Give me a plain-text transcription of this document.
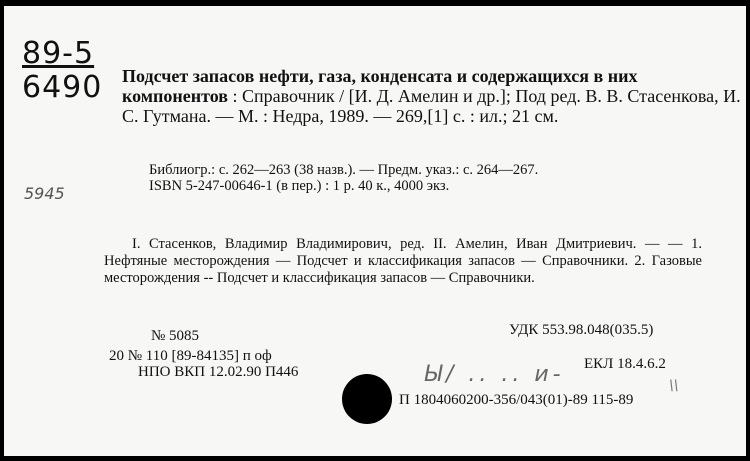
89-5
6490
5945
Подсчет запасов нефти, газа, конденсата и содержащихся в них компонентов : Справочник / [И. Д. Амелин и др.]; Под ред. В. В. Стасенкова, И. С. Гутмана. — М. : Недра, 1989. — 269,[1] с. : ил.; 21 см.
Библиогр.: с. 262—263 (38 назв.). — Предм. указ.: с. 264—267.
ISBN 5-247-00646-1 (в пер.) : 1 р. 40 к., 4000 экз.
I. Стасенков, Владимир Владимирович, ред. II. Амелин, Иван Дмитриевич. — — 1. Нефтяные месторождения — Подсчет и классификация запасов — Справочники. 2. Газовые месторождения -- Подсчет и классификация запасов — Справочники.
УДК 553.98.048(035.5)
№ 5085
20 № 110 [89-84135] п оф
НПО ВКП 12.02.90 П446	Ы/ .. .. и- ЕКЛ 18.4.6.2
\\
П 1804060200-356/043(01)-89 115-89
